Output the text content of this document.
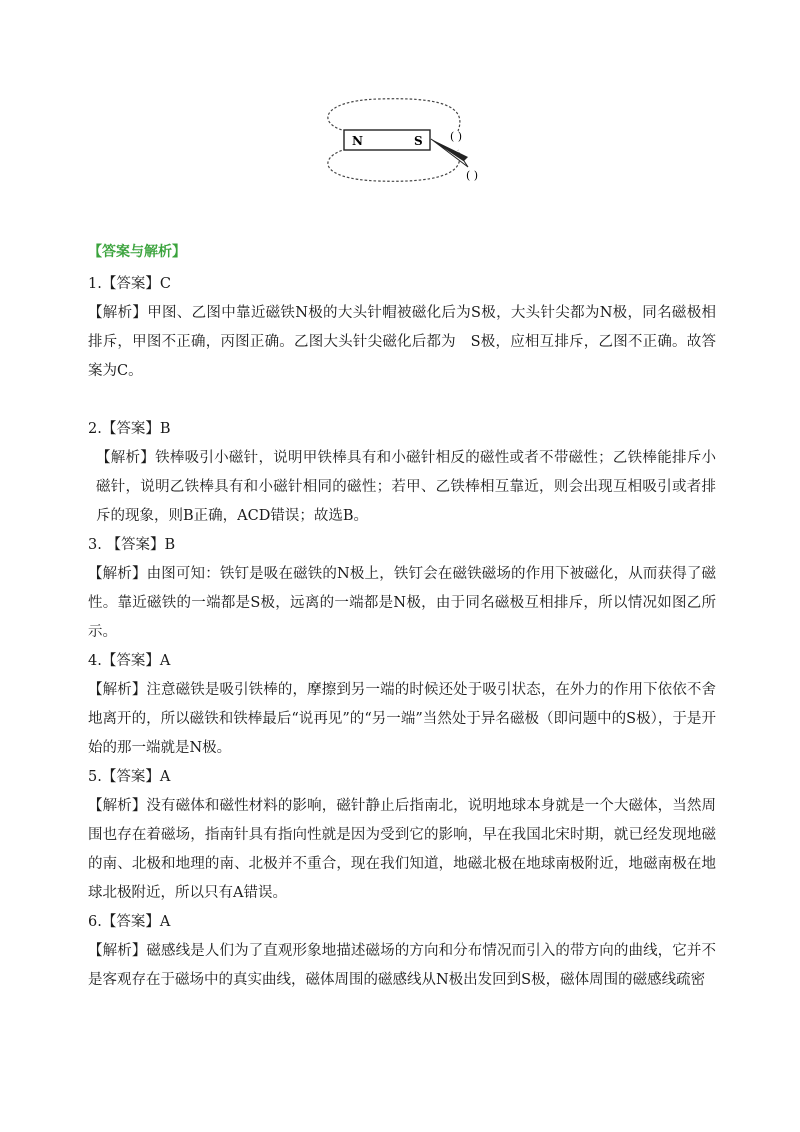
N	S ( )
( )
【答案与解析】

1.【答案】C

【解析】甲图、乙图中靠近磁铁N极的大头针帽被磁化后为S极，大头针尖都为N极，同名磁极相排斥，甲图不正确，丙图正确。乙图大头针尖磁化后都为　S极，应相互排斥，乙图不正确。故答案为C。

2.【答案】B

【解析】铁棒吸引小磁针，说明甲铁棒具有和小磁针相反的磁性或者不带磁性；乙铁棒能排斥小磁针，说明乙铁棒具有和小磁针相同的磁性；若甲、乙铁棒相互靠近，则会出现互相吸引或者排斥的现象，则B正确，ACD错误；故选B。

3. 【答案】B

【解析】由图可知：铁钉是吸在磁铁的N极上，铁钉会在磁铁磁场的作用下被磁化，从而获得了磁性。靠近磁铁的一端都是S极，远离的一端都是N极，由于同名磁极互相排斥，所以情况如图乙所示。

4.【答案】A

【解析】注意磁铁是吸引铁棒的，摩擦到另一端的时候还处于吸引状态，在外力的作用下依依不舍地离开的，所以磁铁和铁棒最后“说再见”的“另一端”当然处于异名磁极（即问题中的S极），于是开始的那一端就是N极。

5.【答案】A

【解析】没有磁体和磁性材料的影响，磁针静止后指南北，说明地球本身就是一个大磁体，当然周围也存在着磁场，指南针具有指向性就是因为受到它的影响，早在我国北宋时期，就已经发现地磁的南、北极和地理的南、北极并不重合，现在我们知道，地磁北极在地球南极附近，地磁南极在地球北极附近，所以只有A错误。

6.【答案】A

【解析】磁感线是人们为了直观形象地描述磁场的方向和分布情况而引入的带方向的曲线，它并不是客观存在于磁场中的真实曲线，磁体周围的磁感线从N极出发回到S极，磁体周围的磁感线疏密
